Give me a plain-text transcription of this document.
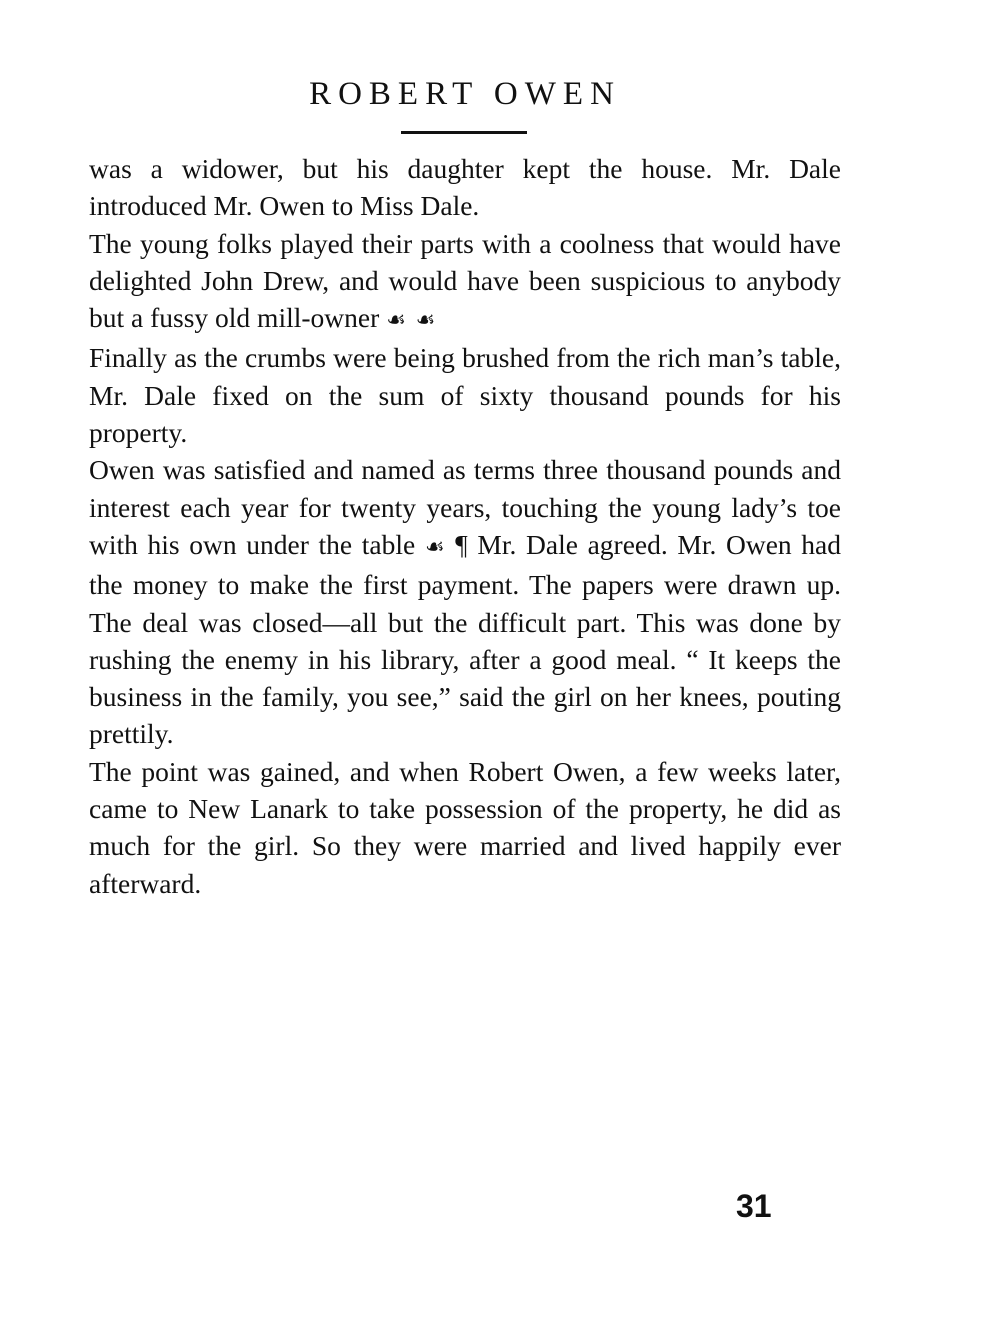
ROBERT OWEN

was a widower, but his daughter kept the house. Mr. Dale introduced Mr. Owen to Miss Dale.

The young folks played their parts with a coolness that would have delighted John Drew, and would have been suspicious to anybody but a fussy old mill-owner ☙ ☙

Finally as the crumbs were being brushed from the rich man’s table, Mr. Dale fixed on the sum of sixty thousand pounds for his property.

Owen was satisfied and named as terms three thousand pounds and interest each year for twenty years, touching the young lady’s toe with his own under the table ☙ ¶ Mr. Dale agreed. Mr. Owen had the money to make the first payment. The papers were drawn up. The deal was closed—all but the difficult part. This was done by rushing the enemy in his library, after a good meal. “ It keeps the business in the family, you see,” said the girl on her knees, pouting prettily.

The point was gained, and when Robert Owen, a few weeks later, came to New Lanark to take possession of the property, he did as much for the girl. So they were married and lived happily ever afterward.

31
